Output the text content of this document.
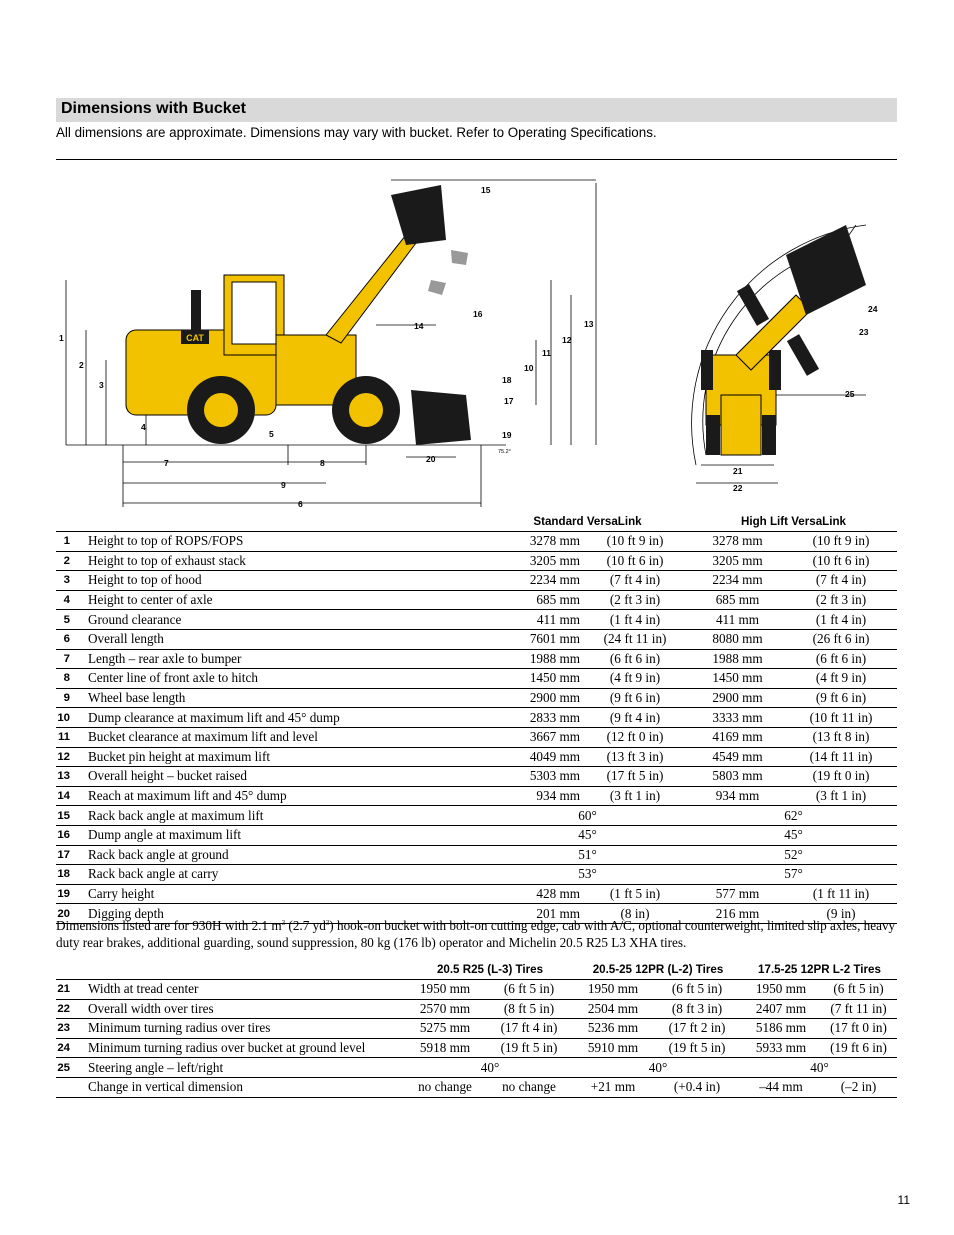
Dimensions with Bucket
All dimensions are approximate. Dimensions may vary with bucket. Refer to Operating Specifications.
CAT
1
2
3
4
5
6
7	8
9
10
11
12
13
14
15
16
17
18
19
20
21
22
23
24
25
75.2°
		Standard VersaLink		High Lift VersaLink	
1	Height to top of ROPS/FOPS	3278 mm	(10 ft 9 in)	3278 mm	(10 ft 9 in)
2	Height to top of exhaust stack	3205 mm	(10 ft 6 in)	3205 mm	(10 ft 6 in)
3	Height to top of hood	2234 mm	(7 ft 4 in)	2234 mm	(7 ft 4 in)
4	Height to center of axle	685 mm	(2 ft 3 in)	685 mm	(2 ft 3 in)
5	Ground clearance	411 mm	(1 ft 4 in)	411 mm	(1 ft 4 in)
6	Overall length	7601 mm	(24 ft 11 in)	8080 mm	(26 ft 6 in)
7	Length – rear axle to bumper	1988 mm	(6 ft 6 in)	1988 mm	(6 ft 6 in)
8	Center line of front axle to hitch	1450 mm	(4 ft 9 in)	1450 mm	(4 ft 9 in)
9	Wheel base length	2900 mm	(9 ft 6 in)	2900 mm	(9 ft 6 in)
10	Dump clearance at maximum lift and 45° dump	2833 mm	(9 ft 4 in)	3333 mm	(10 ft 11 in)
11	Bucket clearance at maximum lift and level	3667 mm	(12 ft 0 in)	4169 mm	(13 ft 8 in)
12	Bucket pin height at maximum lift	4049 mm	(13 ft 3 in)	4549 mm	(14 ft 11 in)
13	Overall height – bucket raised	5303 mm	(17 ft 5 in)	5803 mm	(19 ft 0 in)
14	Reach at maximum lift and 45° dump	934 mm	(3 ft 1 in)	934 mm	(3 ft 1 in)
15	Rack back angle at maximum lift	60°		62°	
16	Dump angle at maximum lift	45°		45°	
17	Rack back angle at ground	51°		52°	
18	Rack back angle at carry	53°		57°	
19	Carry height	428 mm	(1 ft 5 in)	577 mm	(1 ft 11 in)
20	Digging depth	201 mm	(8 in)	216 mm	(9 in)
Dimensions listed are for 930H with 2.1 $m^3$ (2.7 $yd^3$) hook-on bucket with bolt-on cutting edge, cab with A/C, optional counterweight, limited slip axles, heavy duty rear brakes, additional guarding, sound suppression, 80 kg (176 lb) operator and Michelin 20.5 R25 L3 XHA tires.
		20.5 R25 (L-3) Tires		20.5-25 12PR (L-2) Tires		17.5-25 12PR L-2 Tires	
21	Width at tread center	1950 mm	(6 ft 5 in)	1950 mm	(6 ft 5 in)	1950 mm	(6 ft 5 in)
22	Overall width over tires	2570 mm	(8 ft 5 in)	2504 mm	(8 ft 3 in)	2407 mm	(7 ft 11 in)
23	Minimum turning radius over tires	5275 mm	(17 ft 4 in)	5236 mm	(17 ft 2 in)	5186 mm	(17 ft 0 in)
24	Minimum turning radius over bucket at ground level	5918 mm	(19 ft 5 in)	5910 mm	(19 ft 5 in)	5933 mm	(19 ft 6 in)
25	Steering angle – left/right	40°		40°		40°	
	Change in vertical dimension	no change	no change	+21 mm	(+0.4 in)	–44 mm	(–2 in)
11
